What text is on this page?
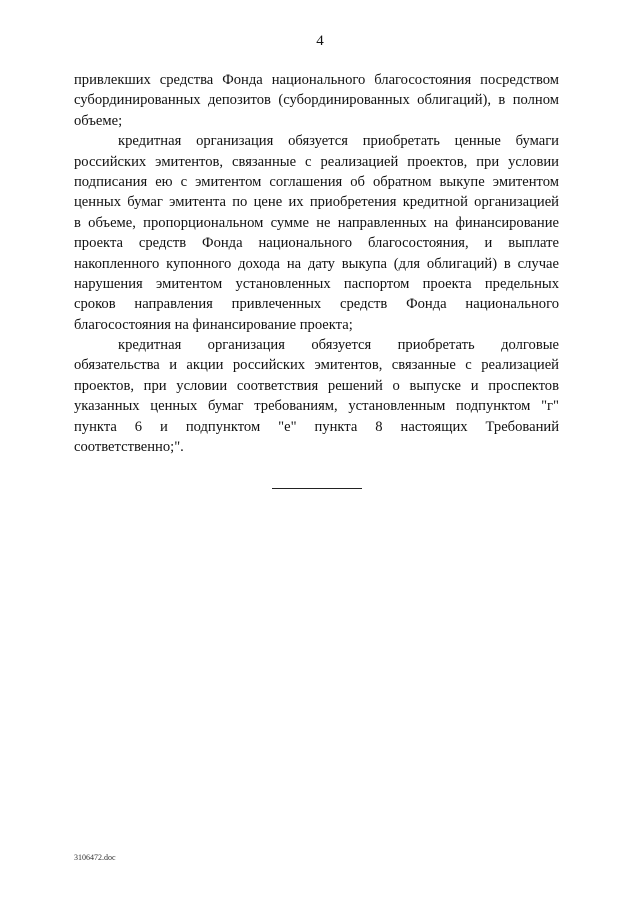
4
привлекших средства Фонда национального благосостояния посредством
субординированных депозитов (субординированных облигаций), в полном
объеме;
кредитная организация обязуется приобретать ценные бумаги
российских эмитентов, связанные с реализацией проектов, при условии
подписания ею с эмитентом соглашения об обратном выкупе эмитентом
ценных бумаг эмитента по цене их приобретения кредитной организацией
в объеме, пропорциональном сумме не направленных на финансирование
проекта средств Фонда национального благосостояния, и выплате
накопленного купонного дохода на дату выкупа (для облигаций) в случае
нарушения эмитентом установленных паспортом проекта предельных
сроков направления привлеченных средств Фонда национального
благосостояния на финансирование проекта;
кредитная организация обязуется приобретать долговые
обязательства и акции российских эмитентов, связанные с реализацией
проектов, при условии соответствия решений о выпуске и проспектов
указанных ценных бумаг требованиям, установленным подпунктом "г"
пункта 6 и подпунктом "е" пункта 8 настоящих Требований
соответственно;".
3106472.doc
